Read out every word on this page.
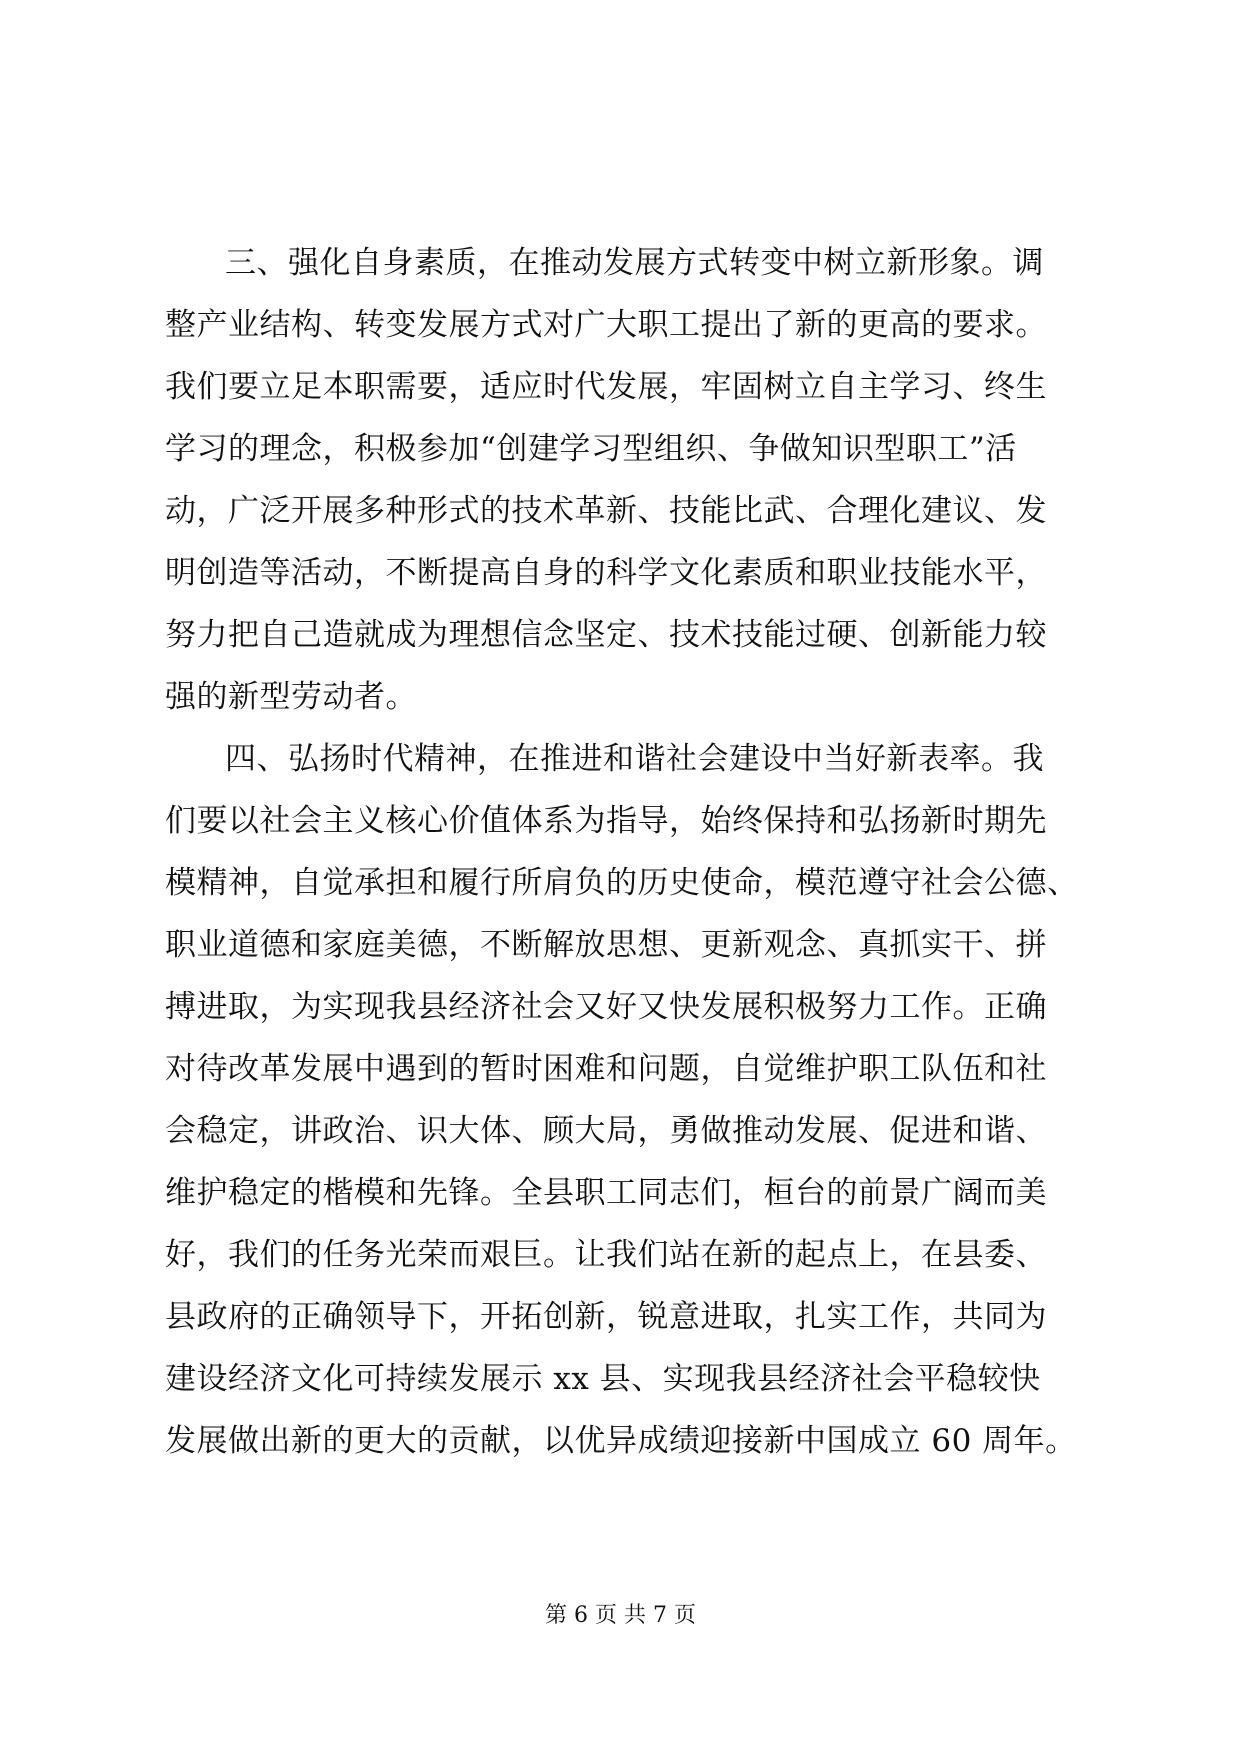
三、强化自身素质，在推动发展方式转变中树立新形象。调
整产业结构、转变发展方式对广大职工提出了新的更高的要求。
我们要立足本职需要，适应时代发展，牢固树立自主学习、终生
学习的理念，积极参加“创建学习型组织、争做知识型职工”活
动，广泛开展多种形式的技术革新、技能比武、合理化建议、发
明创造等活动，不断提高自身的科学文化素质和职业技能水平，
努力把自己造就成为理想信念坚定、技术技能过硬、创新能力较
强的新型劳动者。
四、弘扬时代精神，在推进和谐社会建设中当好新表率。我
们要以社会主义核心价值体系为指导，始终保持和弘扬新时期先
模精神，自觉承担和履行所肩负的历史使命，模范遵守社会公德、
职业道德和家庭美德，不断解放思想、更新观念、真抓实干、拼
搏进取，为实现我县经济社会又好又快发展积极努力工作。正确
对待改革发展中遇到的暂时困难和问题，自觉维护职工队伍和社
会稳定，讲政治、识大体、顾大局，勇做推动发展、促进和谐、
维护稳定的楷模和先锋。全县职工同志们，桓台的前景广阔而美
好，我们的任务光荣而艰巨。让我们站在新的起点上，在县委、
县政府的正确领导下，开拓创新，锐意进取，扎实工作，共同为
建设经济文化可持续发展示 xx 县、实现我县经济社会平稳较快
发展做出新的更大的贡献，以优异成绩迎接新中国成立 60 周年。
第 6 页 共 7 页
